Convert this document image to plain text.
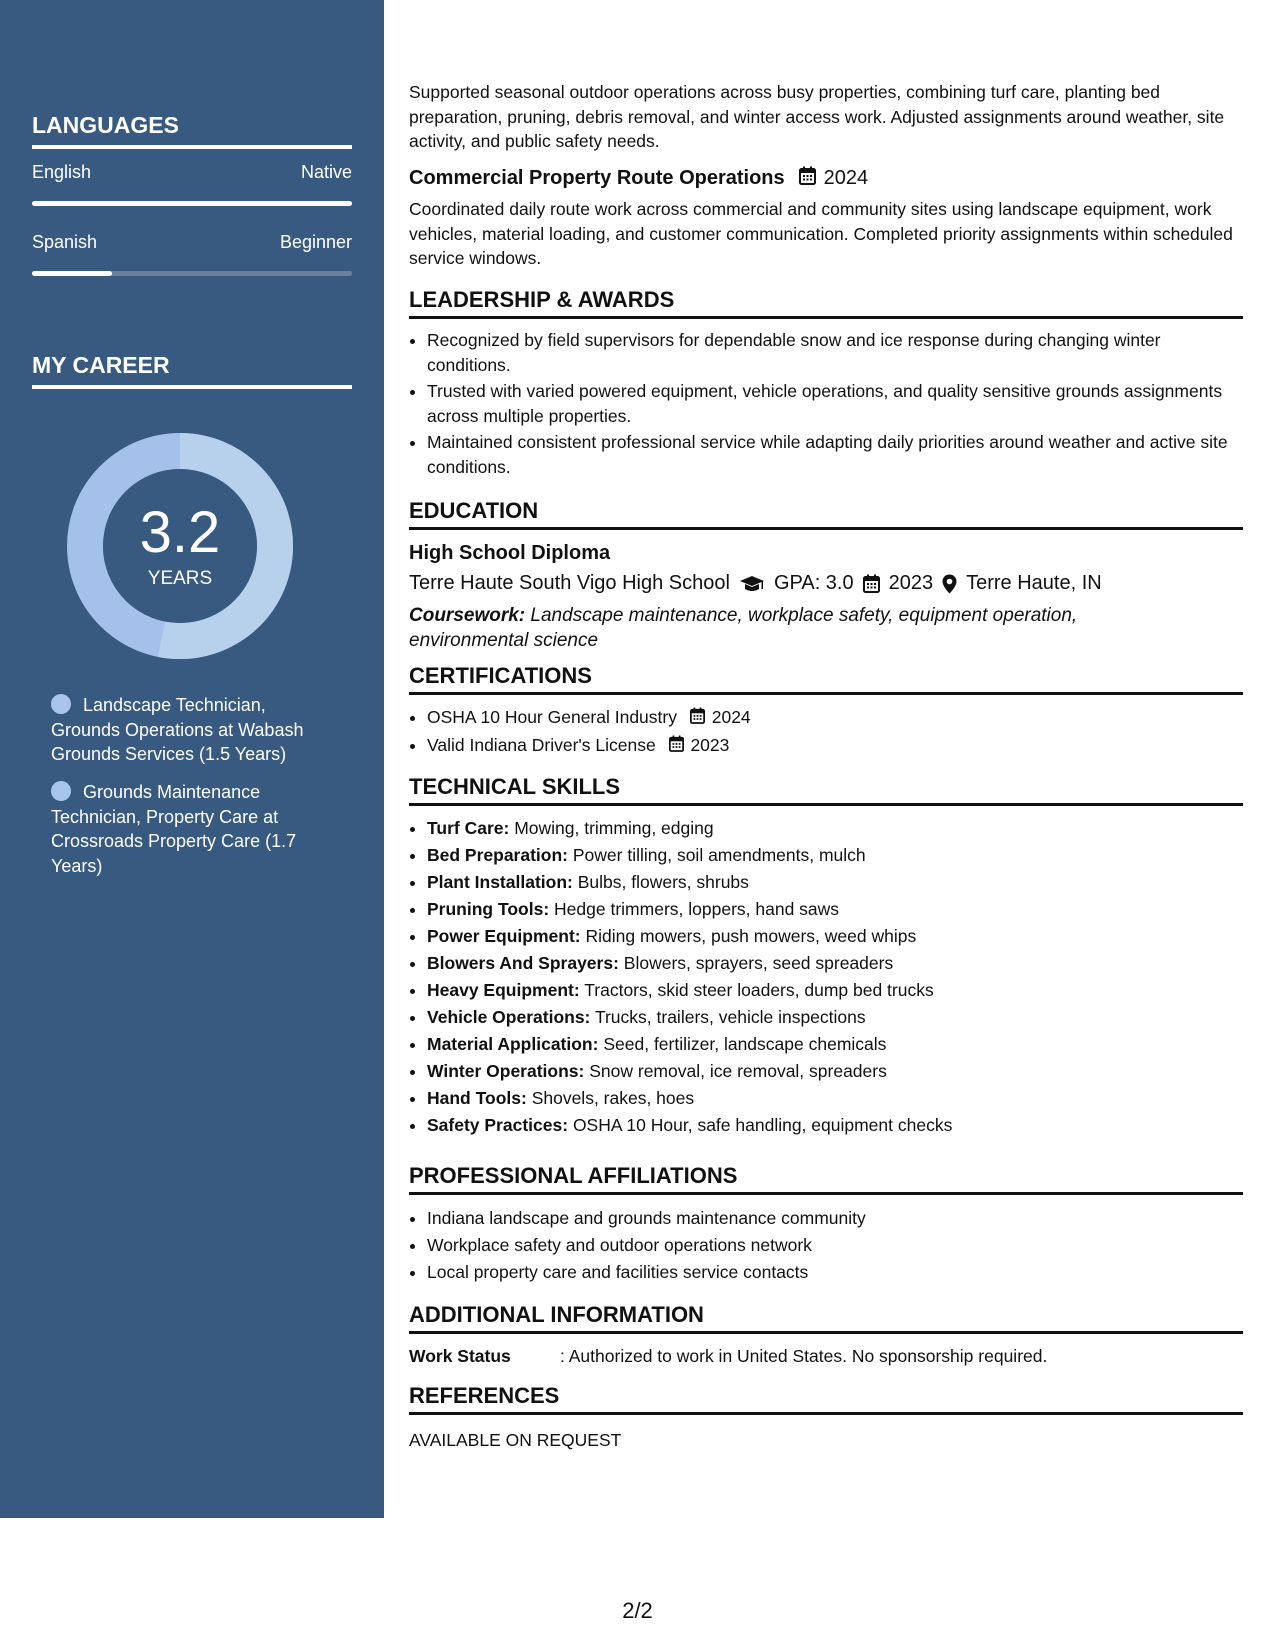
LANGUAGES
English	Native
Spanish	Beginner
MY CAREER
3.2
YEARS
Landscape Technician, Grounds Operations at Wabash Grounds Services (1.5 Years)
Grounds Maintenance Technician, Property Care at Crossroads Property Care (1.7 Years)
Supported seasonal outdoor operations across busy properties, combining turf care, planting bed preparation, pruning, debris removal, and winter access work. Adjusted assignments around weather, site activity, and public safety needs.
Commercial Property Route Operations 2024
Coordinated daily route work across commercial and community sites using landscape equipment, work vehicles, material loading, and customer communication. Completed priority assignments within scheduled service windows.
LEADERSHIP & AWARDS
• Recognized by field supervisors for dependable snow and ice response during changing winter conditions.
• Trusted with varied powered equipment, vehicle operations, and quality sensitive grounds assignments across multiple properties.
• Maintained consistent professional service while adapting daily priorities around weather and active site conditions.
EDUCATION
High School Diploma
Terre Haute South Vigo High School GPA: 3.0 2023 Terre Haute, IN
Coursework: Landscape maintenance, workplace safety, equipment operation, environmental science
CERTIFICATIONS
• OSHA 10 Hour General Industry 2024
• Valid Indiana Driver's License 2023
TECHNICAL SKILLS
• Turf Care: Mowing, trimming, edging
• Bed Preparation: Power tilling, soil amendments, mulch
• Plant Installation: Bulbs, flowers, shrubs
• Pruning Tools: Hedge trimmers, loppers, hand saws
• Power Equipment: Riding mowers, push mowers, weed whips
• Blowers And Sprayers: Blowers, sprayers, seed spreaders
• Heavy Equipment: Tractors, skid steer loaders, dump bed trucks
• Vehicle Operations: Trucks, trailers, vehicle inspections
• Material Application: Seed, fertilizer, landscape chemicals
• Winter Operations: Snow removal, ice removal, spreaders
• Hand Tools: Shovels, rakes, hoes
• Safety Practices: OSHA 10 Hour, safe handling, equipment checks
PROFESSIONAL AFFILIATIONS
• Indiana landscape and grounds maintenance community
• Workplace safety and outdoor operations network
• Local property care and facilities service contacts
ADDITIONAL INFORMATION
Work Status	: Authorized to work in United States. No sponsorship required.
REFERENCES
AVAILABLE ON REQUEST
2/2
